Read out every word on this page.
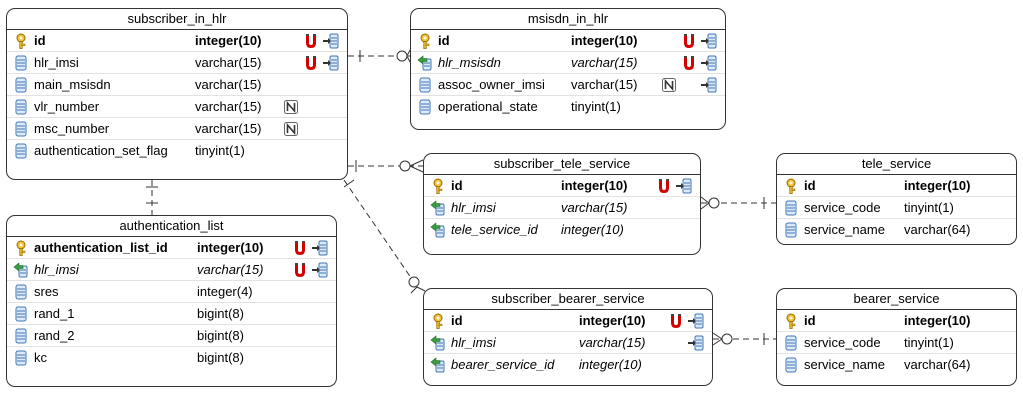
subscriber_in_hlr
id	integer(10)
hlr_imsi	varchar(15)
main_msisdn	varchar(15)
vlr_number	varchar(15)
msc_number	varchar(15)
authentication_set_flag tinyint(1)
msisdn_in_hlr
id	integer(10)
hlr_msisdn	varchar(15)
assoc_owner_imsi varchar(15)
operational_state	tinyint(1)
authentication_list
authentication_list_id integer(10)
hlr_imsi	varchar(15)
sres	integer(4)
rand_1	bigint(8)
rand_2	bigint(8)
kc	bigint(8)
subscriber_tele_service
id	integer(10)
hlr_imsi	varchar(15)
tele_service_id integer(10)
tele_service
id	integer(10)
service_code tinyint(1)
service_name varchar(64)
subscriber_bearer_service
id	integer(10)
hlr_imsi	varchar(15)
bearer_service_id integer(10)
bearer_service
id	integer(10)
service_code tinyint(1)
service_name varchar(64)
